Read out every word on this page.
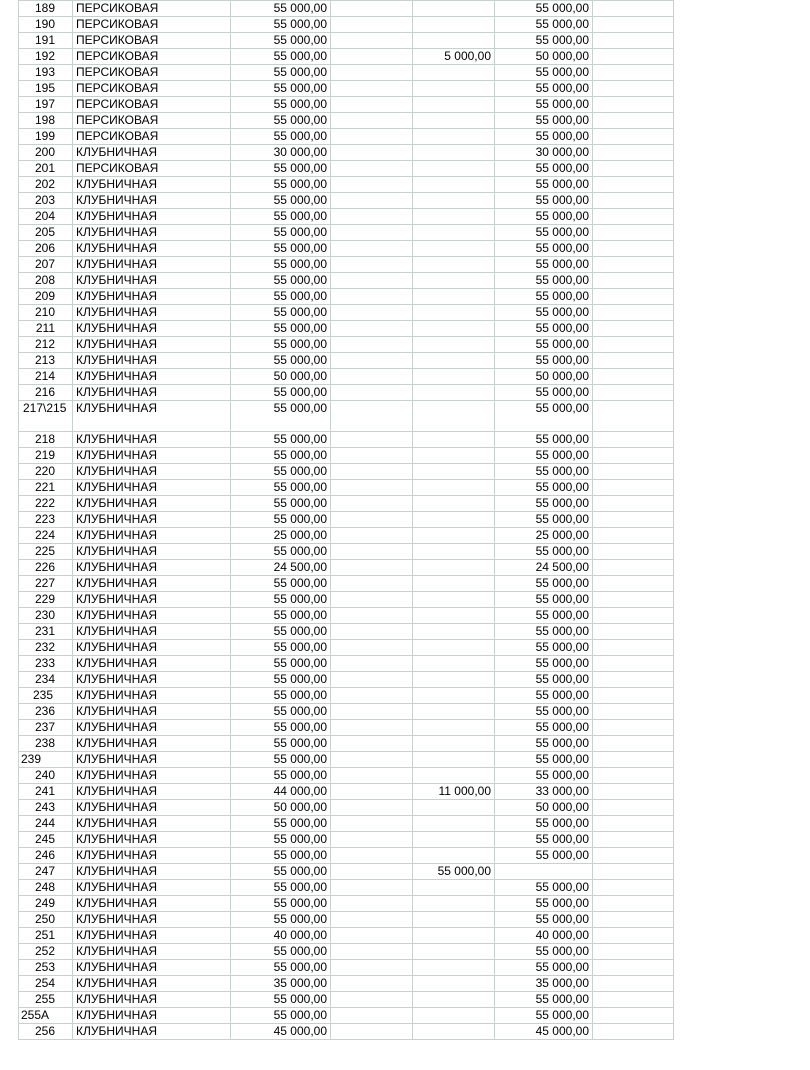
189	ПЕРСИКОВАЯ	55 000,00			55 000,00	
190	ПЕРСИКОВАЯ	55 000,00			55 000,00	
191	ПЕРСИКОВАЯ	55 000,00			55 000,00	
192	ПЕРСИКОВАЯ	55 000,00		5 000,00	50 000,00	
193	ПЕРСИКОВАЯ	55 000,00			55 000,00	
195	ПЕРСИКОВАЯ	55 000,00			55 000,00	
197	ПЕРСИКОВАЯ	55 000,00			55 000,00	
198	ПЕРСИКОВАЯ	55 000,00			55 000,00	
199	ПЕРСИКОВАЯ	55 000,00			55 000,00	
200	КЛУБНИЧНАЯ	30 000,00			30 000,00	
201	ПЕРСИКОВАЯ	55 000,00			55 000,00	
202	КЛУБНИЧНАЯ	55 000,00			55 000,00	
203	КЛУБНИЧНАЯ	55 000,00			55 000,00	
204	КЛУБНИЧНАЯ	55 000,00			55 000,00	
205	КЛУБНИЧНАЯ	55 000,00			55 000,00	
206	КЛУБНИЧНАЯ	55 000,00			55 000,00	
207	КЛУБНИЧНАЯ	55 000,00			55 000,00	
208	КЛУБНИЧНАЯ	55 000,00			55 000,00	
209	КЛУБНИЧНАЯ	55 000,00			55 000,00	
210	КЛУБНИЧНАЯ	55 000,00			55 000,00	
211	КЛУБНИЧНАЯ	55 000,00			55 000,00	
212	КЛУБНИЧНАЯ	55 000,00			55 000,00	
213	КЛУБНИЧНАЯ	55 000,00			55 000,00	
214	КЛУБНИЧНАЯ	50 000,00			50 000,00	
216	КЛУБНИЧНАЯ	55 000,00			55 000,00	
217\215	КЛУБНИЧНАЯ	55 000,00			55 000,00	
218	КЛУБНИЧНАЯ	55 000,00			55 000,00	
219	КЛУБНИЧНАЯ	55 000,00			55 000,00	
220	КЛУБНИЧНАЯ	55 000,00			55 000,00	
221	КЛУБНИЧНАЯ	55 000,00			55 000,00	
222	КЛУБНИЧНАЯ	55 000,00			55 000,00	
223	КЛУБНИЧНАЯ	55 000,00			55 000,00	
224	КЛУБНИЧНАЯ	25 000,00			25 000,00	
225	КЛУБНИЧНАЯ	55 000,00			55 000,00	
226	КЛУБНИЧНАЯ	24 500,00			24 500,00	
227	КЛУБНИЧНАЯ	55 000,00			55 000,00	
229	КЛУБНИЧНАЯ	55 000,00			55 000,00	
230	КЛУБНИЧНАЯ	55 000,00			55 000,00	
231	КЛУБНИЧНАЯ	55 000,00			55 000,00	
232	КЛУБНИЧНАЯ	55 000,00			55 000,00	
233	КЛУБНИЧНАЯ	55 000,00			55 000,00	
234	КЛУБНИЧНАЯ	55 000,00			55 000,00	
235	КЛУБНИЧНАЯ	55 000,00			55 000,00	
236	КЛУБНИЧНАЯ	55 000,00			55 000,00	
237	КЛУБНИЧНАЯ	55 000,00			55 000,00	
238	КЛУБНИЧНАЯ	55 000,00			55 000,00	
239	КЛУБНИЧНАЯ	55 000,00			55 000,00	
240	КЛУБНИЧНАЯ	55 000,00			55 000,00	
241	КЛУБНИЧНАЯ	44 000,00		11 000,00	33 000,00	
243	КЛУБНИЧНАЯ	50 000,00			50 000,00	
244	КЛУБНИЧНАЯ	55 000,00			55 000,00	
245	КЛУБНИЧНАЯ	55 000,00			55 000,00	
246	КЛУБНИЧНАЯ	55 000,00			55 000,00	
247	КЛУБНИЧНАЯ	55 000,00		55 000,00		
248	КЛУБНИЧНАЯ	55 000,00			55 000,00	
249	КЛУБНИЧНАЯ	55 000,00			55 000,00	
250	КЛУБНИЧНАЯ	55 000,00			55 000,00	
251	КЛУБНИЧНАЯ	40 000,00			40 000,00	
252	КЛУБНИЧНАЯ	55 000,00			55 000,00	
253	КЛУБНИЧНАЯ	55 000,00			55 000,00	
254	КЛУБНИЧНАЯ	35 000,00			35 000,00	
255	КЛУБНИЧНАЯ	55 000,00			55 000,00	
255А	КЛУБНИЧНАЯ	55 000,00			55 000,00	
256	КЛУБНИЧНАЯ	45 000,00			45 000,00	
